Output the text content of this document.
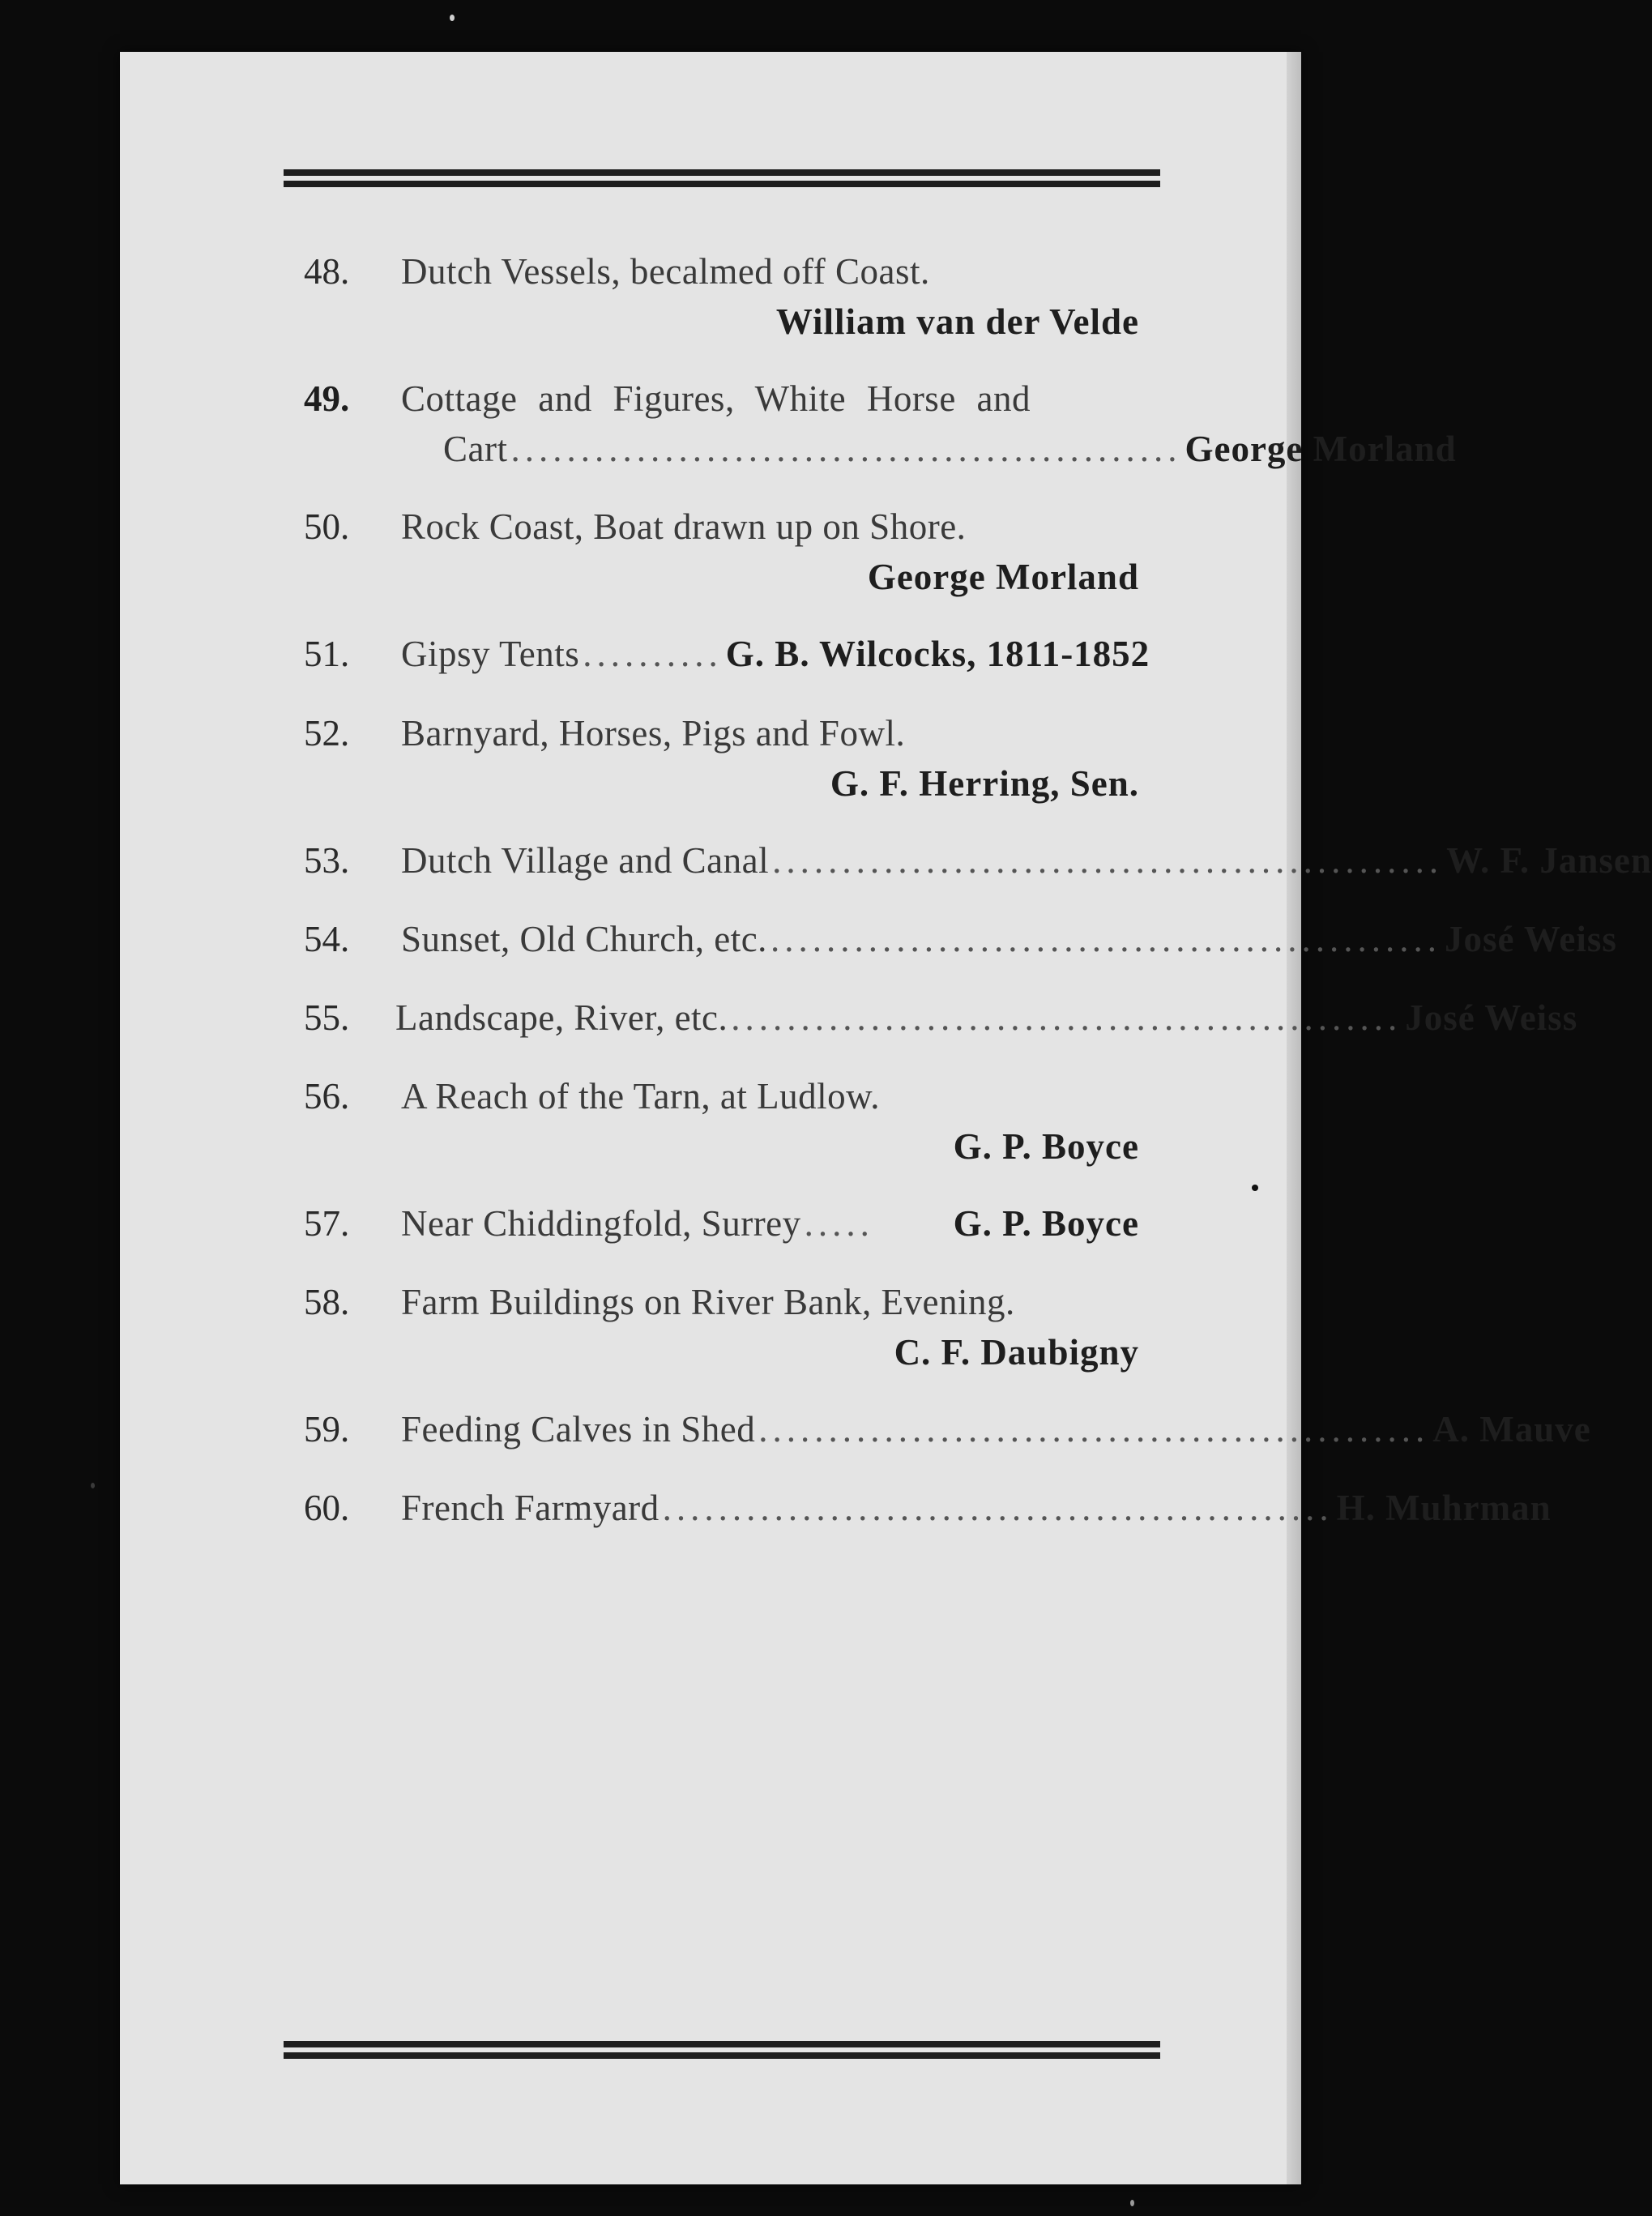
48. Dutch Vessels, becalmed off Coast.
William van der Velde
49. Cottage and Figures, White Horse and
Cart ................................................ George Morland
50. Rock Coast, Boat drawn up on Shore.
George Morland
51. Gipsy Tents .......... G. B. Wilcocks, 1811-1852
52. Barnyard, Horses, Pigs and Fowl.
G. F. Herring, Sen.
53. Dutch Village and Canal ................................................ W. F. Jansen
54. Sunset, Old Church, etc. ................................................ José Weiss
55. Landscape, River, etc. ................................................ José Weiss
56. A Reach of the Tarn, at Ludlow.
G. P. Boyce
57. Near Chiddingfold, Surrey ..... G. P. Boyce
58. Farm Buildings on River Bank, Evening.
C. F. Daubigny
59. Feeding Calves in Shed ................................................ A. Mauve
60. French Farmyard ................................................ H. Muhrman
